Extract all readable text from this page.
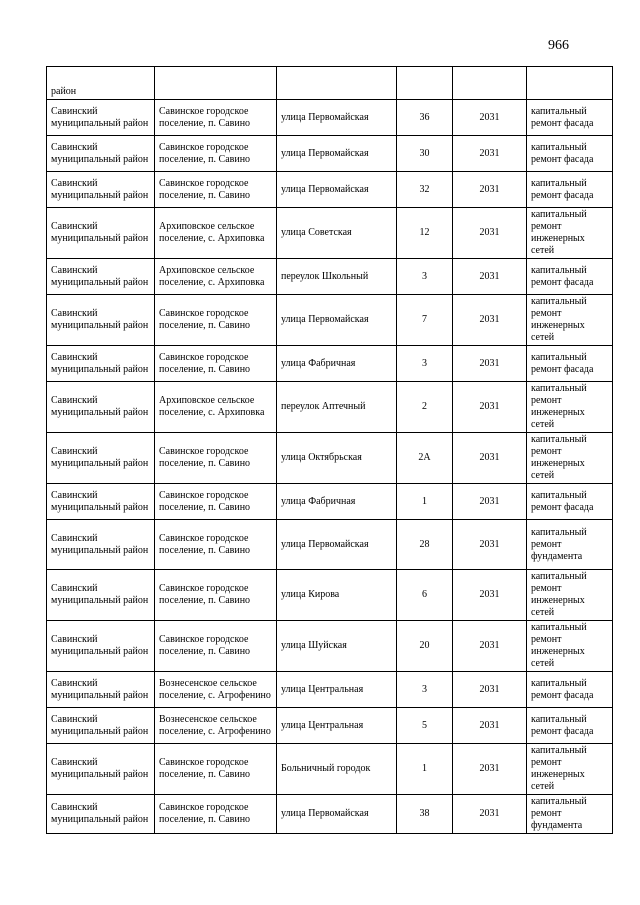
966
район					
Савинский муниципальный район	Савинское городское поселение, п. Савино	улица Первомайская	36	2031	капитальный ремонт фасада
Савинский муниципальный район	Савинское городское поселение, п. Савино	улица Первомайская	30	2031	капитальный ремонт фасада
Савинский муниципальный район	Савинское городское поселение, п. Савино	улица Первомайская	32	2031	капитальный ремонт фасада
Савинский муниципальный район	Архиповское сельское поселение, с. Архиповка	улица Советская	12	2031	капитальный ремонт инженерных сетей
Савинский муниципальный район	Архиповское сельское поселение, с. Архиповка	переулок Школьный	3	2031	капитальный ремонт фасада
Савинский муниципальный район	Савинское городское поселение, п. Савино	улица Первомайская	7	2031	капитальный ремонт инженерных сетей
Савинский муниципальный район	Савинское городское поселение, п. Савино	улица Фабричная	3	2031	капитальный ремонт фасада
Савинский муниципальный район	Архиповское сельское поселение, с. Архиповка	переулок Аптечный	2	2031	капитальный ремонт инженерных сетей
Савинский муниципальный район	Савинское городское поселение, п. Савино	улица Октябрьская	2А	2031	капитальный ремонт инженерных сетей
Савинский муниципальный район	Савинское городское поселение, п. Савино	улица Фабричная	1	2031	капитальный ремонт фасада
Савинский муниципальный район	Савинское городское поселение, п. Савино	улица Первомайская	28	2031	капитальный ремонт фундамента
Савинский муниципальный район	Савинское городское поселение, п. Савино	улица Кирова	6	2031	капитальный ремонт инженерных сетей
Савинский муниципальный район	Савинское городское поселение, п. Савино	улица Шуйская	20	2031	капитальный ремонт инженерных сетей
Савинский муниципальный район	Вознесенское сельское поселение, с. Агрофенино	улица Центральная	3	2031	капитальный ремонт фасада
Савинский муниципальный район	Вознесенское сельское поселение, с. Агрофенино	улица Центральная	5	2031	капитальный ремонт фасада
Савинский муниципальный район	Савинское городское поселение, п. Савино	Больничный городок	1	2031	капитальный ремонт инженерных сетей
Савинский муниципальный район	Савинское городское поселение, п. Савино	улица Первомайская	38	2031	капитальный ремонт фундамента
